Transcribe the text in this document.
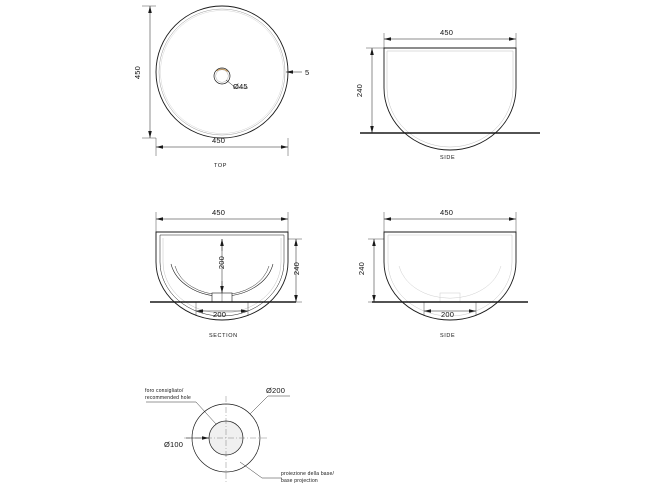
450
450
Ø45
5
TOP
450
240
SIDE
450
200	240
200
SECTION
450
240
200
SIDE
Ø200
Ø100
foro consigliato/
recommended hole
proiezione della base/
base projection
